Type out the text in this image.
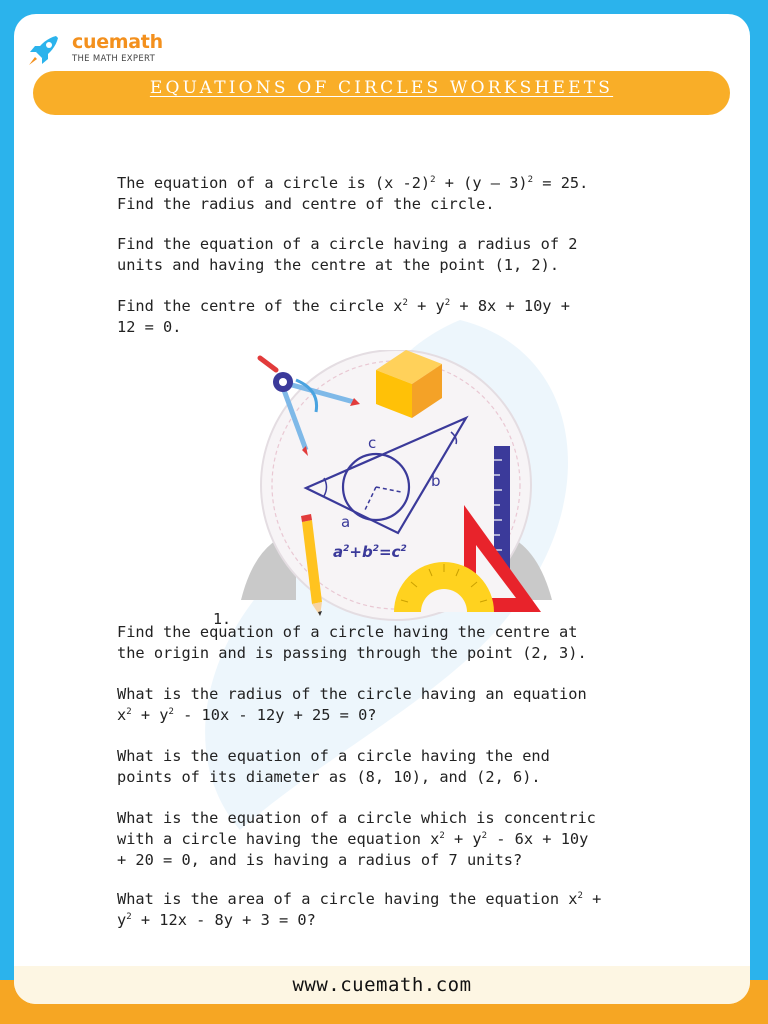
cuemath
THE MATH EXPERT
EQUATIONS OF CIRCLES WORKSHEETS
The equation of a circle is (x -2)$^2$ + (y – 3)$^2$ = 25.
Find the radius and centre of the circle.
Find the equation of a circle having a radius of 2
units and having the centre at the point (1, 2).
Find the centre of the circle $x^2 + y^2 + 8x + 10y$ +
12 = 0.
c
b
a
$a^2+b^2=c^2$
1.
Find the equation of a circle having the centre at
the origin and is passing through the point (2, 3).
What is the radius of the circle having an equation
$x^2 + y^2 - 10x - 12y + 25 = 0$?
What is the equation of a circle having the end
points of its diameter as (8, 10), and (2, 6).
What is the equation of a circle which is concentric
with a circle having the equation $x^2 + y^2 - 6x + 10y$
+ 20 = 0, and is having a radius of 7 units?
What is the area of a circle having the equation $x^2$ +
$y^2 + 12x - 8y + 3 = 0$?
www.cuemath.com
